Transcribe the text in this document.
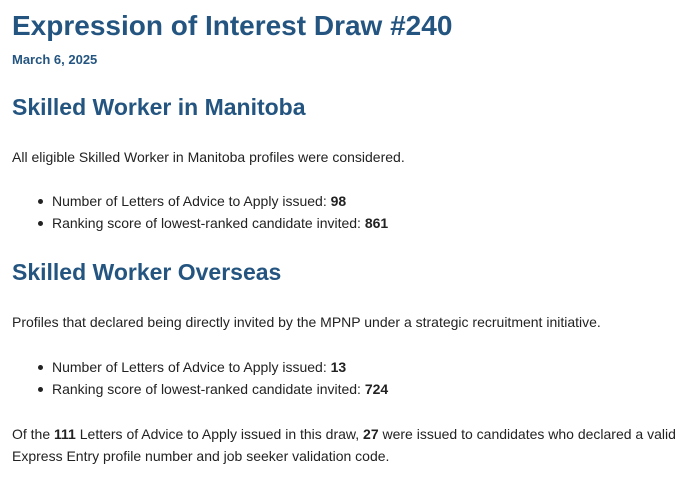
Expression of Interest Draw #240
March 6, 2025
Skilled Worker in Manitoba
All eligible Skilled Worker in Manitoba profiles were considered.
Number of Letters of Advice to Apply issued: 98
Ranking score of lowest-ranked candidate invited: 861
Skilled Worker Overseas
Profiles that declared being directly invited by the MPNP under a strategic recruitment initiative.
Number of Letters of Advice to Apply issued: 13
Ranking score of lowest-ranked candidate invited: 724
Of the 111 Letters of Advice to Apply issued in this draw, 27 were issued to candidates who declared a valid Express Entry profile number and job seeker validation code.
